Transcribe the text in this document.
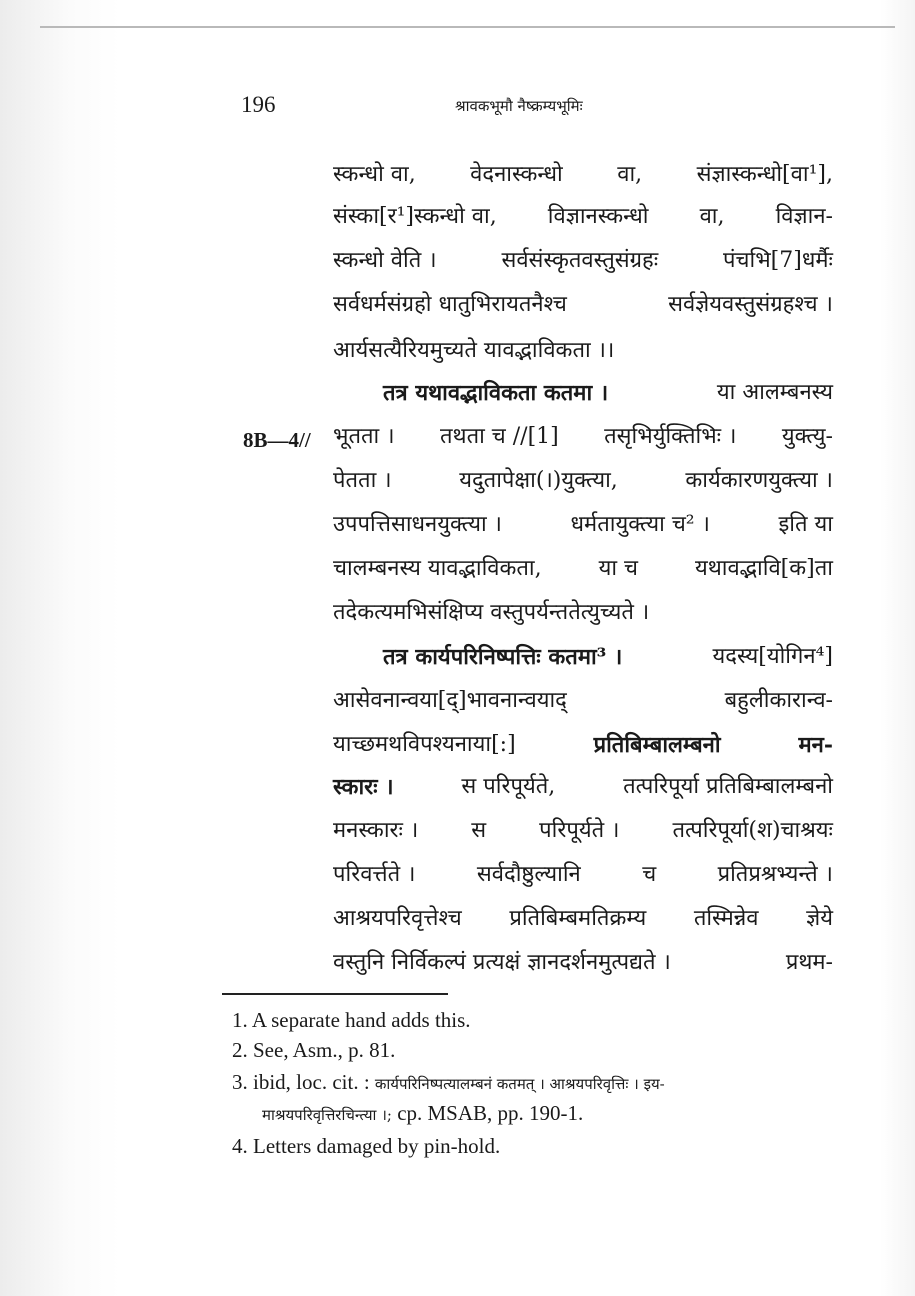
196	श्रावकभूमौ नैष्क्रम्यभूमिः
8B—4//
स्कन्धो वा, वेदनास्कन्धो वा, संज्ञास्कन्धो[वा¹],
संस्का[र¹]स्कन्धो वा, विज्ञानस्कन्धो वा, विज्ञान-
स्कन्धो वेति ।	सर्वसंस्कृतवस्तुसंग्रहः	पंचभि[7]धर्मैः
सर्वधर्मसंग्रहो धातुभिरायतनैश्च	सर्वज्ञेयवस्तुसंग्रहश्च ।
आर्यसत्यैरियमुच्यते यावद्भाविकता ।।
तत्र यथावद्भाविकता कतमा ।	या आलम्बनस्य
भूतता । तथता च //[1] तसृभिर्युक्तिभिः । युक्त्यु-
पेतता ।	यदुतापेक्षा(।)युक्त्या,	कार्यकारणयुक्त्या ।
उपपत्तिसाधनयुक्त्या ।	धर्मतायुक्त्या च² ।	इति या
चालम्बनस्य यावद्भाविकता,	या च	यथावद्भावि[क]ता
तदेकत्यमभिसंक्षिप्य वस्तुपर्यन्ततेत्युच्यते ।
तत्र कार्यपरिनिष्पत्तिः कतमा³ ।	यदस्य[योगिन⁴]
आसेवनान्वया[द्]भावनान्वयाद्	बहुलीकारान्व-
याच्छमथविपश्यनाया[:]	प्रतिबिम्बालम्बनो	मन-
स्कारः ।	स परिपूर्यते,	तत्परिपूर्या प्रतिबिम्बालम्बनो
मनस्कारः । स परिपूर्यते । तत्परिपूर्या(श)चाश्रयः
परिवर्त्तते ।	सर्वदौष्ठुल्यानि	च	प्रतिप्रश्रभ्यन्ते ।
आश्रयपरिवृत्तेश्च प्रतिबिम्बमतिक्रम्य तस्मिन्नेव ज्ञेये
वस्तुनि निर्विकल्पं प्रत्यक्षं ज्ञानदर्शनमुत्पद्यते ।	प्रथम-
1. A separate hand adds this.
2. See, Asm., p. 81.
3. ibid, loc. cit. : कार्यपरिनिष्पत्यालम्बनं कतमत् । आश्रयपरिवृत्तिः । इय-
माश्रयपरिवृत्तिरचिन्त्या ।; cp. MSAB, pp. 190-1.
4. Letters damaged by pin-hold.
